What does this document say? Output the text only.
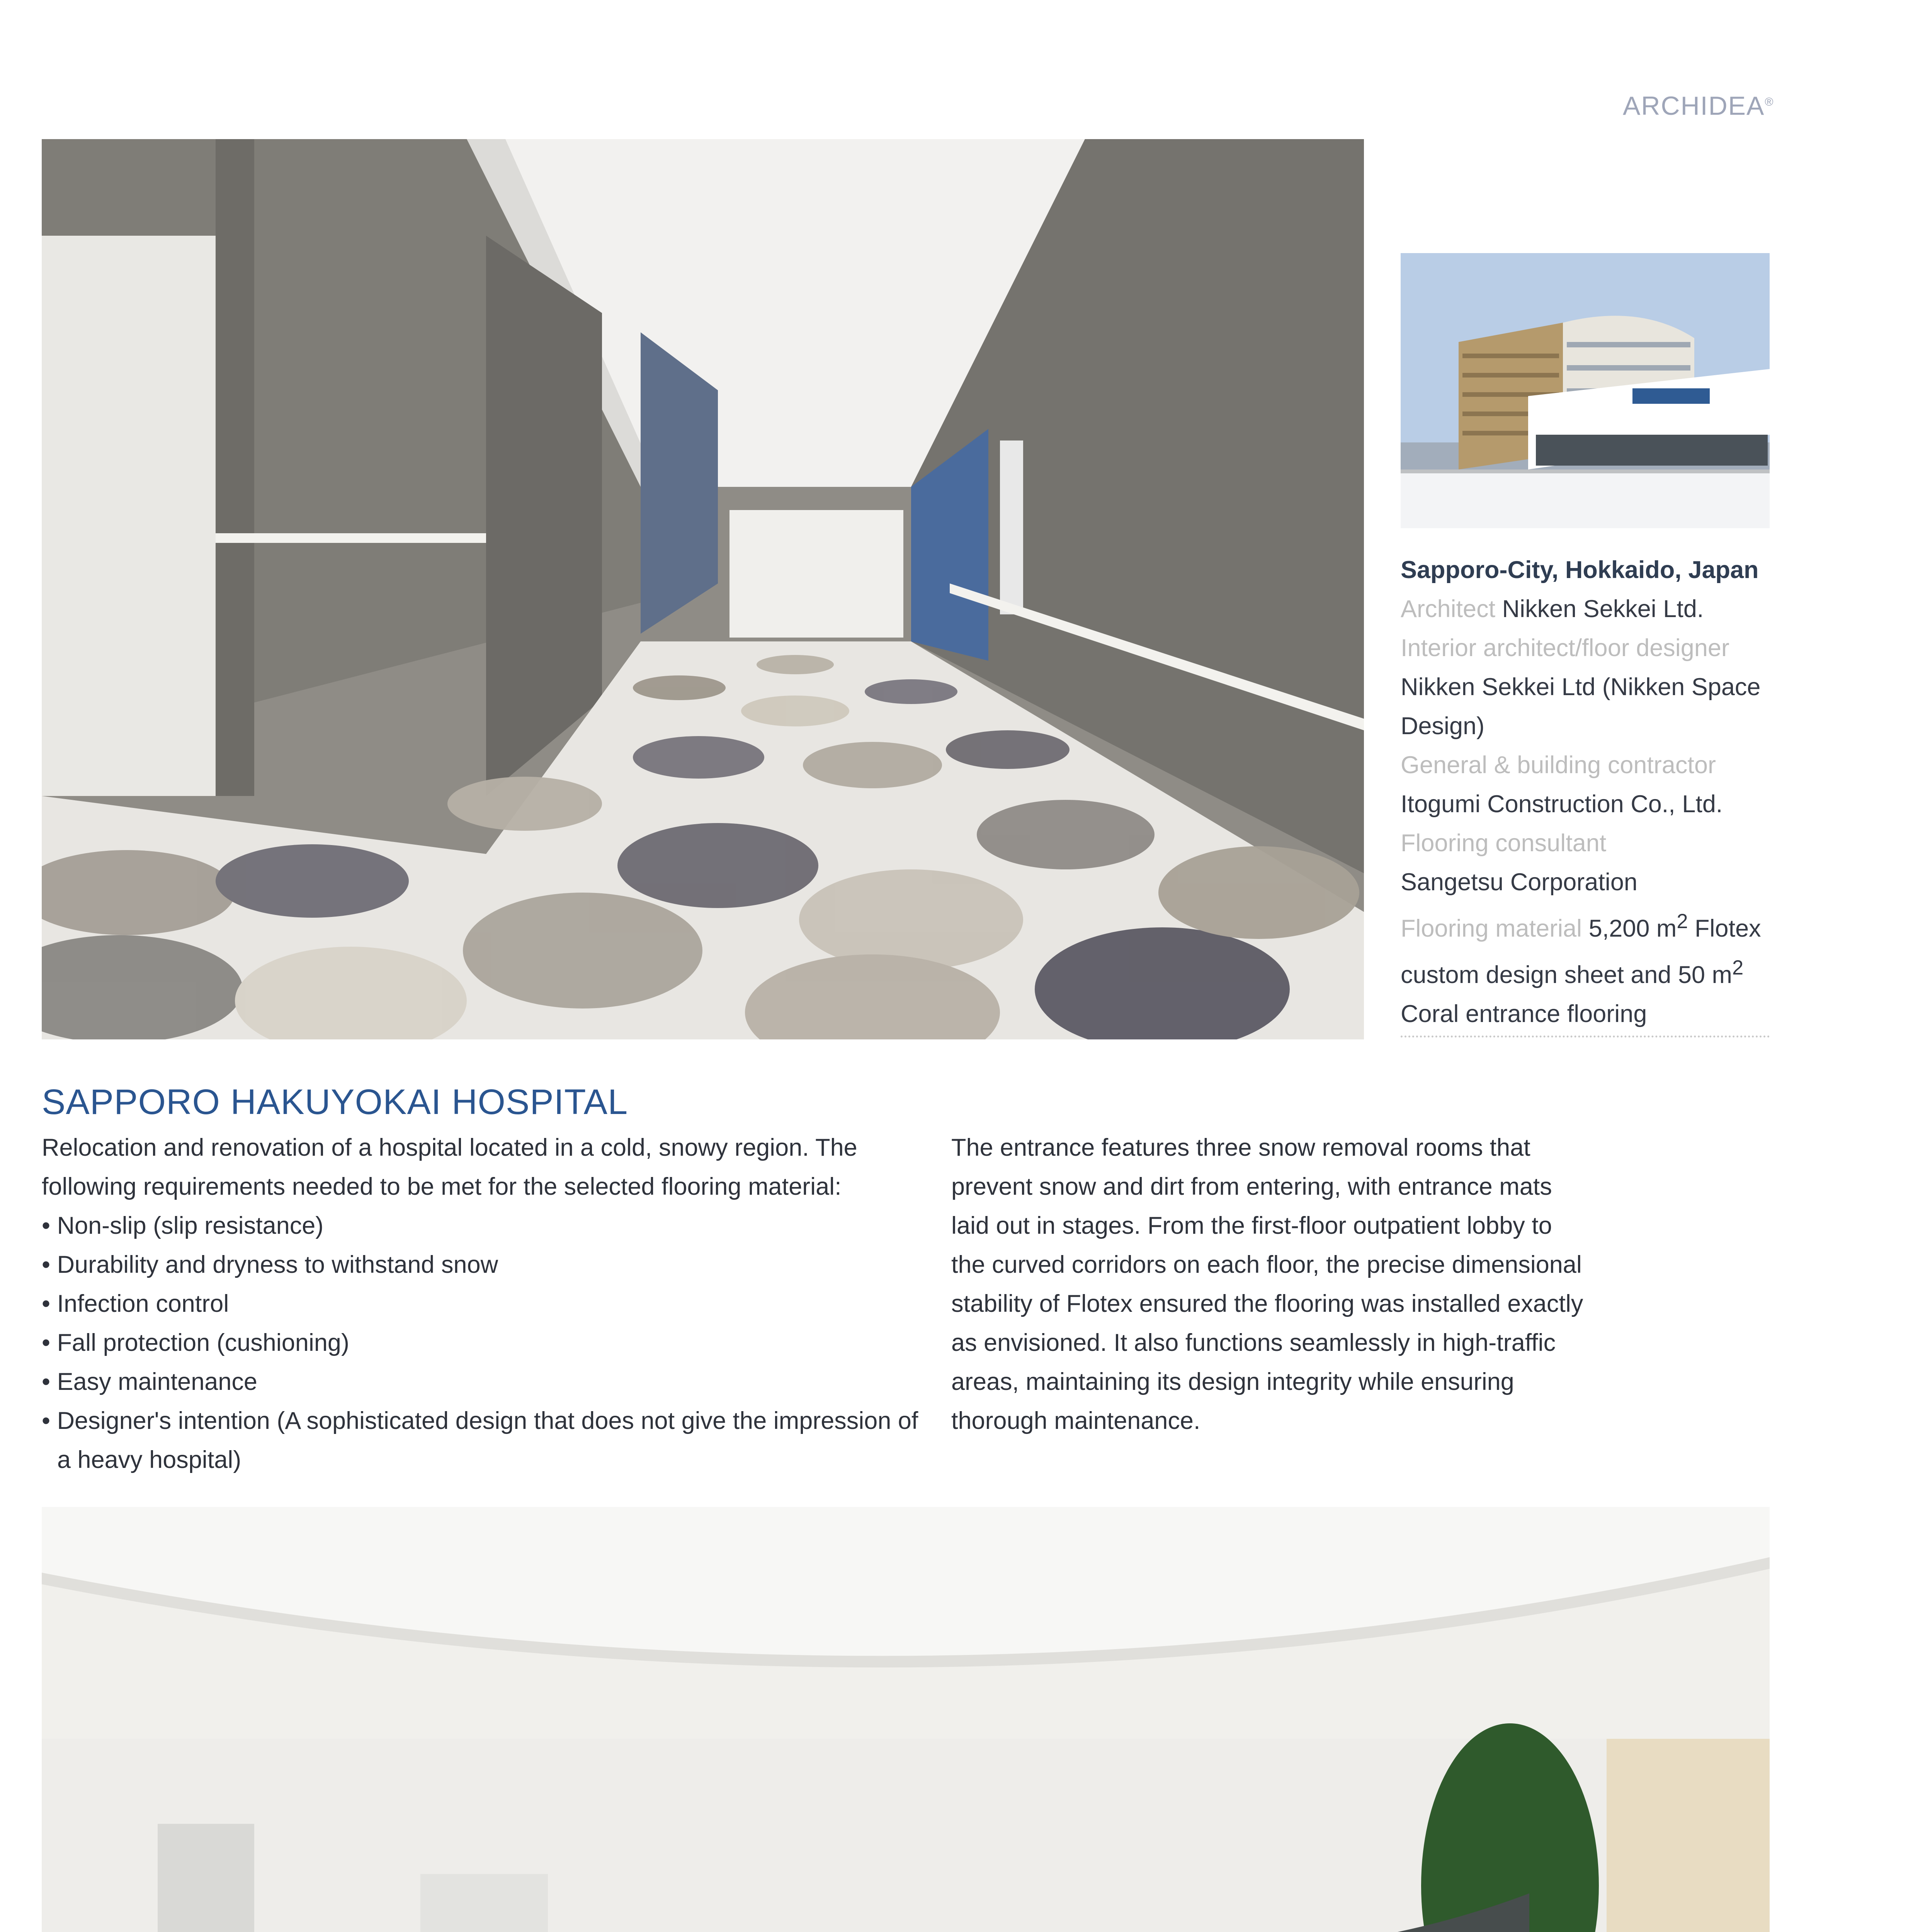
ARCHIDEA®
Sapporo-City, Hokkaido, Japan
Architect Nikken Sekkei Ltd.
Interior architect/floor designer
Nikken Sekkei Ltd (Nikken Space Design)
General & building contractor
Itogumi Construction Co., Ltd.
Flooring consultant
Sangetsu Corporation
Flooring material 5,200 $m^2$ Flotex custom design sheet and 50 $m^2$ Coral entrance flooring
SAPPORO HAKUYOKAI HOSPITAL

Relocation and renovation of a hospital located in a cold, snowy region. The following requirements needed to be met for the selected flooring material:

• Non-slip (slip resistance)
• Durability and dryness to withstand snow
• Infection control
• Fall protection (cushioning)
• Easy maintenance
• Designer's intention (A sophisticated design that does not give the impression of a heavy hospital)

The entrance features three snow removal rooms that prevent snow and dirt from entering, with entrance mats laid out in stages. From the first-floor outpatient lobby to the curved corridors on each floor, the precise dimensional stability of Flotex ensured the flooring was installed exactly as envisioned. It also functions seamlessly in high-traffic areas, maintaining its design integrity while ensuring thorough maintenance.
